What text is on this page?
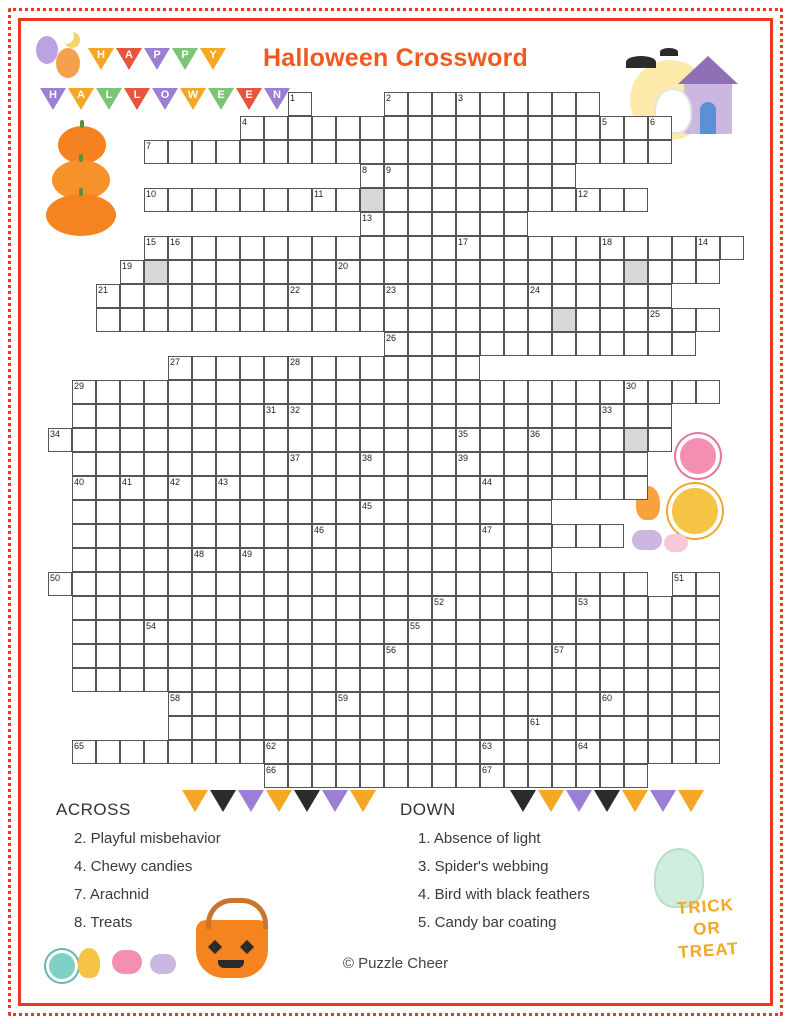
Halloween Crossword
H	A	P	P	Y
H	A	L	L	O	W	E	E	N	1	2	3
4	5	6
7
8 9
10	11	12
13
15 16	17	18	14
19	20
21	22	23	24
25
26
27	28
29	30
31 32	33
34	35	36
37	38	39
40	41	42	43	44
45
46	47
48	49
50	51
52	53
54	55
56	57
58	59	60
61
65	62	63	64
66	67
ACROSS
2. Playful misbehavior
4. Chewy candies
7. Arachnid
8. Treats
DOWN
1. Absence of light
3. Spider's webbing
4. Bird with black feathers
5. Candy bar coating
TRICK
OR
TREAT
© Puzzle Cheer
